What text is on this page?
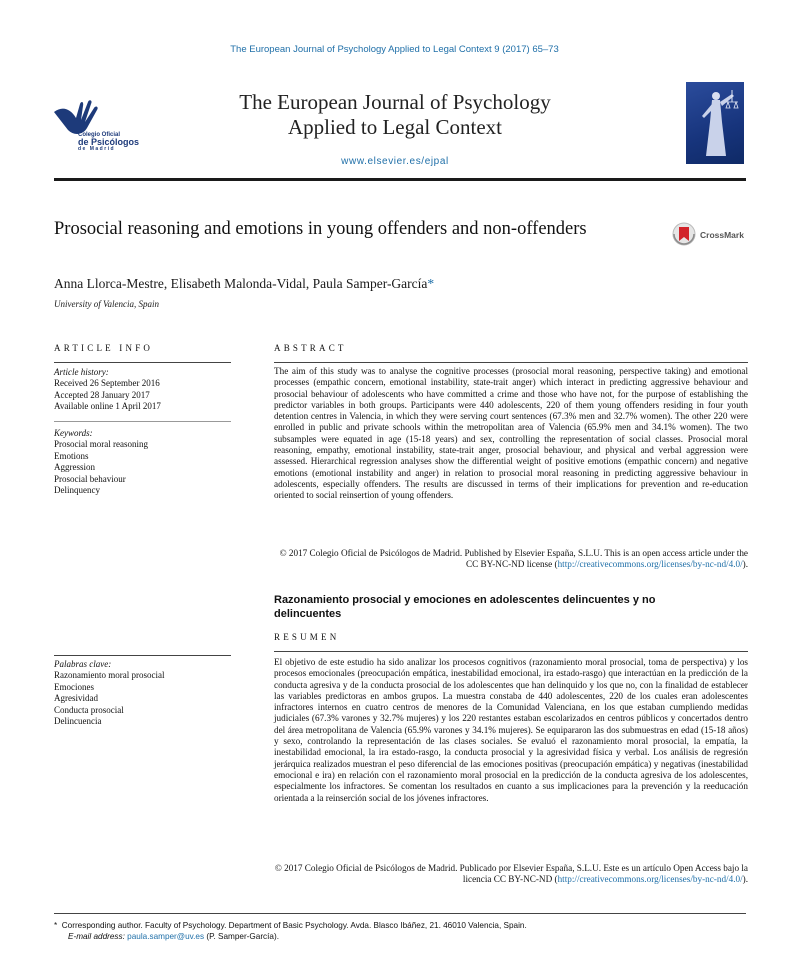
The European Journal of Psychology Applied to Legal Context 9 (2017) 65–73
Colegio Oficial
de Psicólogos
de Madrid
The European Journal of Psychology
Applied to Legal Context
www.elsevier.es/ejpal
Prosocial reasoning and emotions in young offenders and non-offenders	CrossMark
Anna Llorca-Mestre, Elisabeth Malonda-Vidal, Paula Samper-García*
University of Valencia, Spain
ARTICLE INFO
Article history:
Received 26 September 2016
Accepted 28 January 2017
Available online 1 April 2017
Keywords:
Prosocial moral reasoning
Emotions
Aggression
Prosocial behaviour
Delinquency
ABSTRACT
The aim of this study was to analyse the cognitive processes (prosocial moral reasoning, perspective taking) and emotional processes (empathic concern, emotional instability, state-trait anger) which interact in predicting aggressive behaviour and prosocial behaviour of adolescents who have committed a crime and those who have not, for the purpose of establishing the predictor variables in both groups. Participants were 440 adolescents, 220 of them young offenders residing in four youth detention centres in Valencia, in which they were serving court sentences (67.3% men and 32.7% women). The other 220 were enrolled in public and private schools within the metropolitan area of Valencia (65.9% men and 34.1% women). The two subsamples were equated in age (15-18 years) and sex, controlling the representation of social classes. Prosocial moral reasoning, empathy, emotional instability, state-trait anger, prosocial behaviour, and physical and verbal aggression were assessed. Hierarchical regression analyses show the differential weight of positive emotions (empathic concern) and negative emotions (emotional instability and anger) in relation to prosocial moral reasoning in predicting aggressive behaviour in adolescents, especially offenders. The results are discussed in terms of their implications for prevention and re-education oriented to social reinsertion of young offenders.
© 2017 Colegio Oficial de Psicólogos de Madrid. Published by Elsevier España, S.L.U. This is an open access article under the CC BY-NC-ND license (http://creativecommons.org/licenses/by-nc-nd/4.0/).
Razonamiento prosocial y emociones en adolescentes delincuentes y no delincuentes
RESUMEN
Palabras clave:
Razonamiento moral prosocial
Emociones
Agresividad
Conducta prosocial
Delincuencia
El objetivo de este estudio ha sido analizar los procesos cognitivos (razonamiento moral prosocial, toma de perspectiva) y los procesos emocionales (preocupación empática, inestabilidad emocional, ira estado-rasgo) que interactúan en la predicción de la conducta agresiva y de la conducta prosocial de los adolescentes que han delinquido y los que no, con la finalidad de establecer las variables predictoras en ambos grupos. La muestra constaba de 440 adolescentes, 220 de los cuales eran adolescentes infractores internos en cuatro centros de menores de la Comunidad Valenciana, en los que estaban cumpliendo medidas judiciales (67.3% varones y 32.7% mujeres) y los 220 restantes estaban escolarizados en centros públicos y concertados dentro del área metropolitana de Valencia (65.9% varones y 34.1% mujeres). Se equipararon las dos submuestras en edad (15-18 años) y sexo, controlando la representación de las clases sociales. Se evaluó el razonamiento moral prosocial, la empatía, la inestabilidad emocional, la ira estado-rasgo, la conducta prosocial y la agresividad física y verbal. Los análisis de regresión jerárquica realizados muestran el peso diferencial de las emociones positivas (preocupación empática) y negativas (inestabilidad emocional e ira) en relación con el razonamiento moral prosocial en la predicción de la conducta agresiva de los adolescentes, especialmente los infractores. Se comentan los resultados en cuanto a sus implicaciones para la prevención y la reeducación orientada a la reinserción social de los jóvenes infractores.
© 2017 Colegio Oficial de Psicólogos de Madrid. Publicado por Elsevier España, S.L.U. Este es un artículo Open Access bajo la licencia CC BY-NC-ND (http://creativecommons.org/licenses/by-nc-nd/4.0/).
* Corresponding author. Faculty of Psychology. Department of Basic Psychology. Avda. Blasco Ibáñez, 21. 46010 Valencia, Spain.
E-mail address: paula.samper@uv.es (P. Samper-García).
